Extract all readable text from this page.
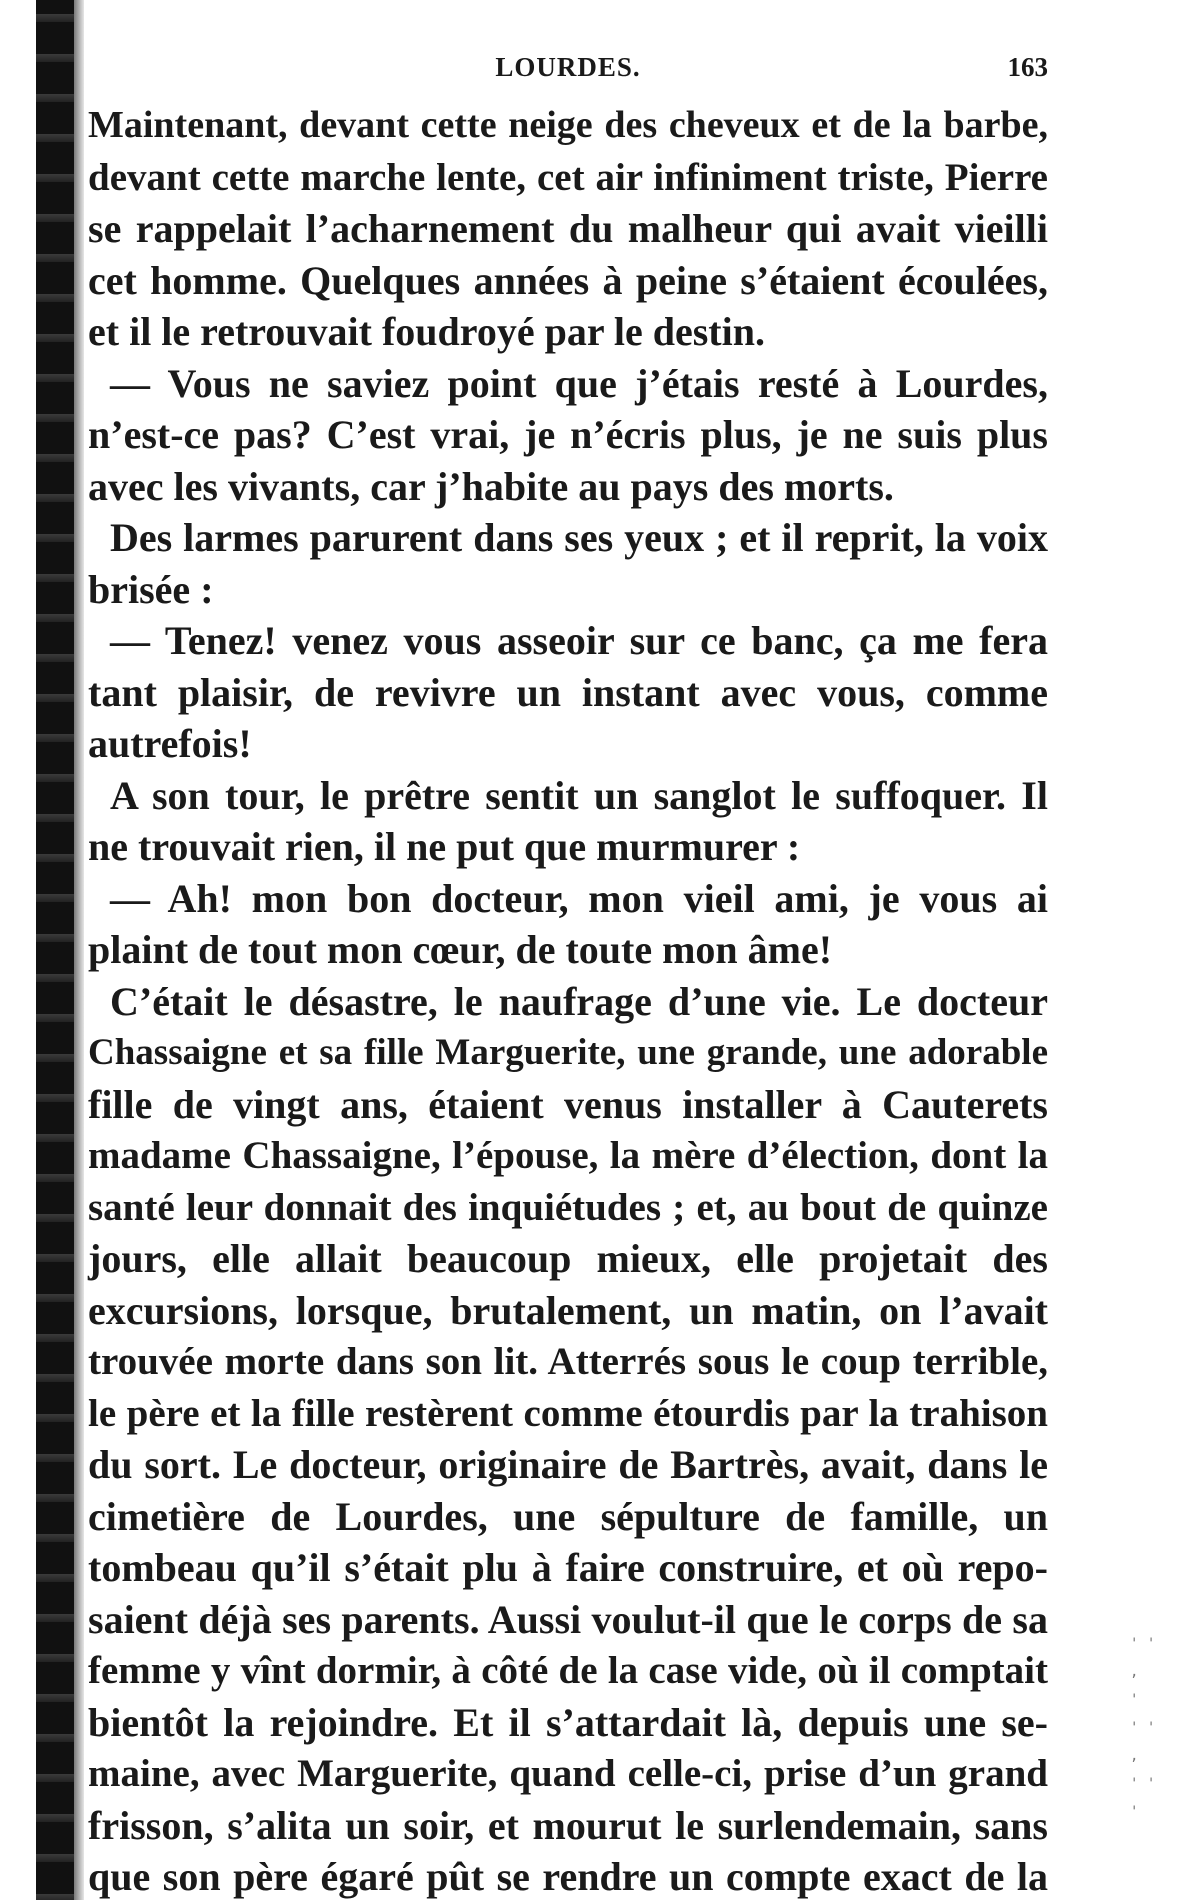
LOURDES.	163
Maintenant, devant cette neige des cheveux et de la barbe,
devant cette marche lente, cet air infiniment triste, Pierre
se rappelait l’acharnement du malheur qui avait vieilli
cet homme. Quelques années à peine s’étaient écoulées,
et il le retrouvait foudroyé par le destin.
— Vous ne saviez point que j’étais resté à Lourdes,
n’est-ce pas? C’est vrai, je n’écris plus, je ne suis plus
avec les vivants, car j’habite au pays des morts.
Des larmes parurent dans ses yeux ; et il reprit, la voix
brisée :
— Tenez! venez vous asseoir sur ce banc, ça me fera
tant plaisir, de revivre un instant avec vous, comme
autrefois!
A son tour, le prêtre sentit un sanglot le suffoquer. Il
ne trouvait rien, il ne put que murmurer :
— Ah! mon bon docteur, mon vieil ami, je vous ai
plaint de tout mon cœur, de toute mon âme!
C’était le désastre, le naufrage d’une vie. Le docteur
Chassaigne et sa fille Marguerite, une grande, une adorable
fille de vingt ans, étaient venus installer à Cauterets
madame Chassaigne, l’épouse, la mère d’élection, dont la
santé leur donnait des inquiétudes ; et, au bout de quinze
jours, elle allait beaucoup mieux, elle projetait des
excursions, lorsque, brutalement, un matin, on l’avait
trouvée morte dans son lit. Atterrés sous le coup terrible,
le père et la fille restèrent comme étourdis par la trahison
du sort. Le docteur, originaire de Bartrès, avait, dans le
cimetière de Lourdes, une sépulture de famille, un
tombeau qu’il s’était plu à faire construire, et où repo-
saient déjà ses parents. Aussi voulut-il que le corps de sa
femme y vînt dormir, à côté de la case vide, où il comptait
bientôt la rejoindre. Et il s’attardait là, depuis une se-
maine, avec Marguerite, quand celle-ci, prise d’un grand
frisson, s’alita un soir, et mourut le surlendemain, sans
que son père égaré pût se rendre un compte exact de la
' '
,
'
' '
,
' '
'
